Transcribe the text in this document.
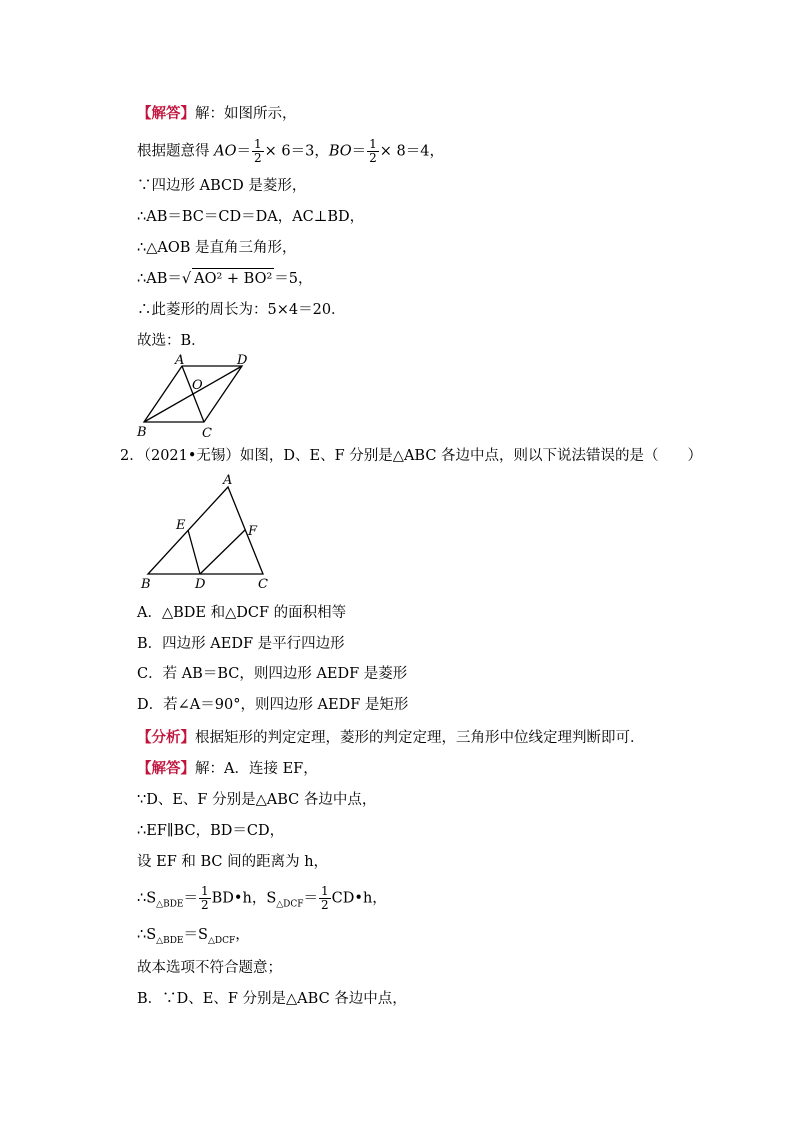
【解答】解：如图所示，
根据题意得 $AO= \frac{1}{2} \times 6=3$，$BO= \frac{1}{2} \times 8=4$，
∵四边形 ABCD 是菱形，
∴AB＝BC＝CD＝DA，AC⊥BD，
∴△AOB 是直角三角形，
∴AB＝√ AO² + BO² ＝5，
∴此菱形的周长为：5×4＝20．
故选：B．
A	D
O
B	C
2．（2021•无锡）如图，D、E、F 分别是△ABC 各边中点，则以下说法错误的是（　　）
A
E	F
B	D	C
A．△BDE 和△DCF 的面积相等
B．四边形 AEDF 是平行四边形
C．若 AB＝BC，则四边形 AEDF 是菱形
D．若∠A＝90°，则四边形 AEDF 是矩形
【分析】根据矩形的判定定理，菱形的判定定理，三角形中位线定理判断即可．
【解答】解：A．连接 EF，
∵D、E、F 分别是△ABC 各边中点，
∴EF∥BC，BD＝CD，
设 EF 和 BC 间的距离为 h，
$\therefore S_{\triangle BDE}= \frac{1}{2}$ BD•h，$S_{\triangle DCF}= \frac{1}{2}$ CD•h，
$\therefore S_{\triangle BDE}=S_{\triangle DCF}$，
故本选项不符合题意；
B．∵D、E、F 分别是△ABC 各边中点，
